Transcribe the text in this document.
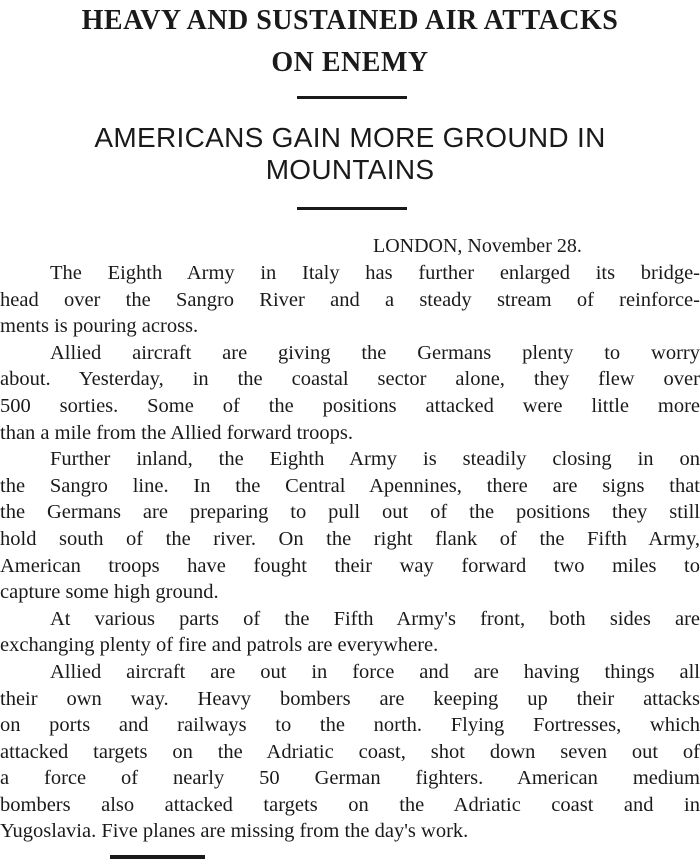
HEAVY AND SUSTAINED AIR ATTACKS
ON ENEMY
AMERICANS GAIN MORE GROUND IN
MOUNTAINS
LONDON, November 28.
The Eighth Army in Italy has further enlarged its bridge-
head over the Sangro River and a steady stream of reinforce-
ments is pouring across.
Allied aircraft are giving the Germans plenty to worry
about. Yesterday, in the coastal sector alone, they flew over
500 sorties. Some of the positions attacked were little more
than a mile from the Allied forward troops.
Further inland, the Eighth Army is steadily closing in on
the Sangro line. In the Central Apennines, there are signs that
the Germans are preparing to pull out of the positions they still
hold south of the river. On the right flank of the Fifth Army,
American troops have fought their way forward two miles to
capture some high ground.
At various parts of the Fifth Army's front, both sides are
exchanging plenty of fire and patrols are everywhere.
Allied aircraft are out in force and are having things all
their own way. Heavy bombers are keeping up their attacks
on ports and railways to the north. Flying Fortresses, which
attacked targets on the Adriatic coast, shot down seven out of
a force of nearly 50 German fighters. American medium
bombers also attacked targets on the Adriatic coast and in
Yugoslavia. Five planes are missing from the day's work.
